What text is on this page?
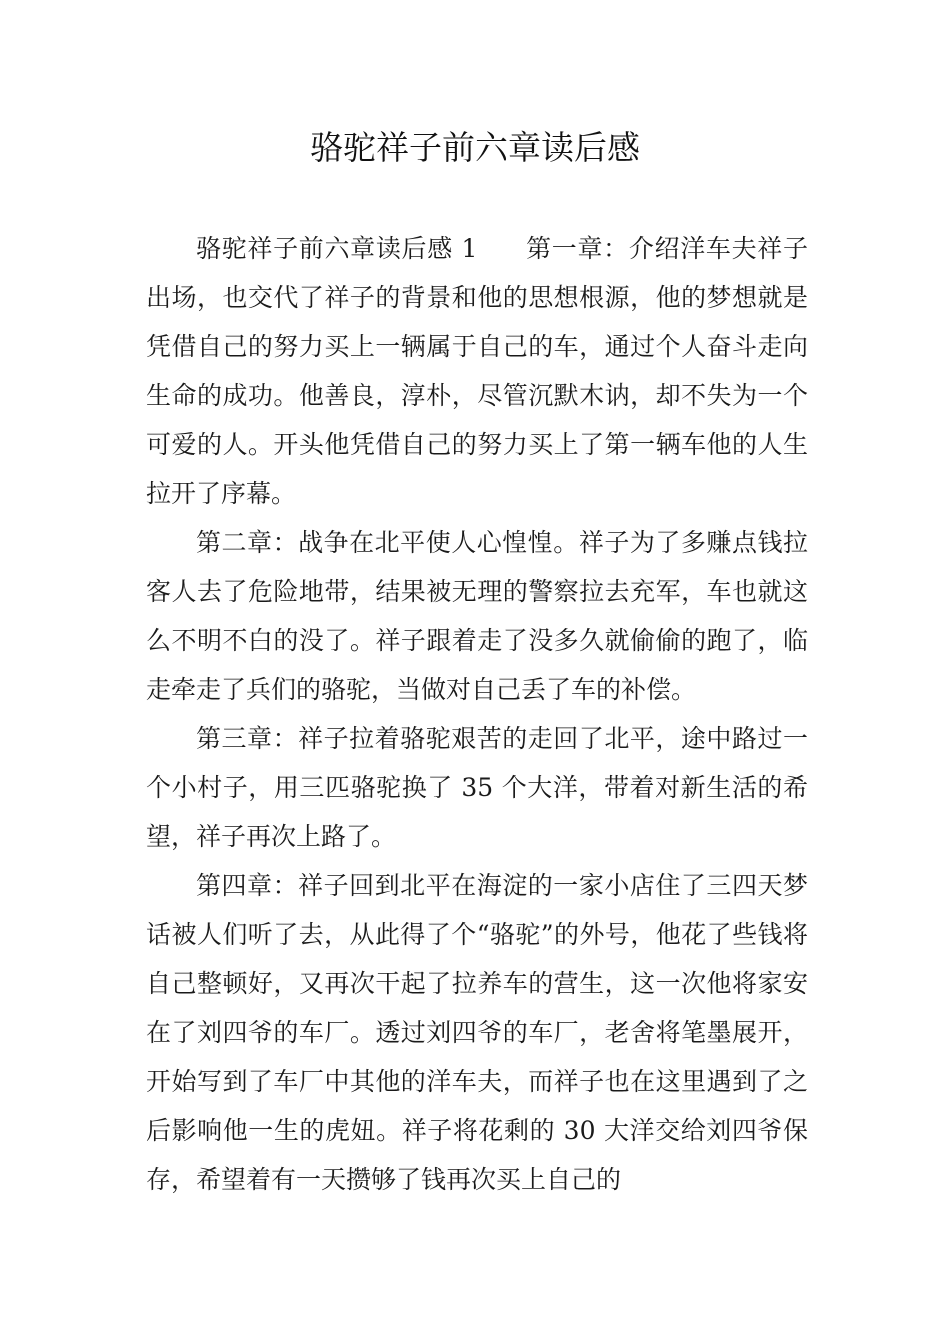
骆驼祥子前六章读后感

骆驼祥子前六章读后感 1 第一章：介绍洋车夫祥子出场，也交代了祥子的背景和他的思想根源，他的梦想就是凭借自己的努力买上一辆属于自己的车，通过个人奋斗走向生命的成功。他善良，淳朴，尽管沉默木讷，却不失为一个可爱的人。开头他凭借自己的努力买上了第一辆车他的人生拉开了序幕。

第二章：战争在北平使人心惶惶。祥子为了多赚点钱拉客人去了危险地带，结果被无理的警察拉去充军，车也就这么不明不白的没了。祥子跟着走了没多久就偷偷的跑了，临走牵走了兵们的骆驼，当做对自己丢了车的补偿。

第三章：祥子拉着骆驼艰苦的走回了北平，途中路过一个小村子，用三匹骆驼换了 35 个大洋，带着对新生活的希望，祥子再次上路了。

第四章：祥子回到北平在海淀的一家小店住了三四天梦话被人们听了去，从此得了个“骆驼”的外号，他花了些钱将自己整顿好，又再次干起了拉养车的营生，这一次他将家安在了刘四爷的车厂。透过刘四爷的车厂，老舍将笔墨展开，开始写到了车厂中其他的洋车夫，而祥子也在这里遇到了之后影响他一生的虎妞。祥子将花剩的 30 大洋交给刘四爷保存，希望着有一天攒够了钱再次买上自己的
